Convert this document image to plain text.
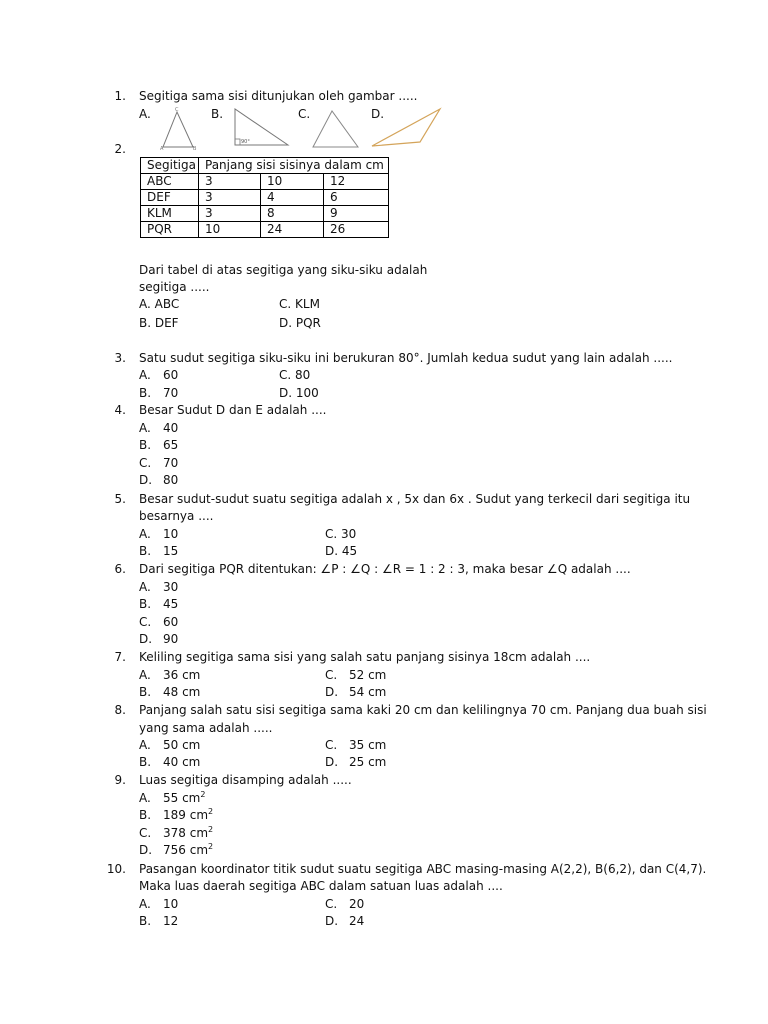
1. Segitiga sama sisi ditunjukan oleh gambar .....
A.	B.	C.	D.
C
A	B
90°
2.
Segitiga	Panjang sisi sisinya dalam cm		
ABC	3	10	12
DEF	3	4	6
KLM	3	8	9
PQR	10	24	26
Dari tabel di atas segitiga yang siku-siku adalah
segitiga .....
A. ABC	C. KLM
B. DEF	D. PQR
3. Satu sudut segitiga siku-siku ini berukuran 80°. Jumlah kedua sudut yang lain adalah .....
A. 60	C. 80
B. 70	D. 100
4. Besar Sudut D dan E adalah ....
A. 40
B. 65
C. 70
D. 80
5. Besar sudut-sudut suatu segitiga adalah x , 5x dan 6x . Sudut yang terkecil dari segitiga itu
besarnya ....
A. 10	C. 30
B. 15	D. 45
6. Dari segitiga PQR ditentukan: ∠P : ∠Q : ∠R = 1 : 2 : 3, maka besar ∠Q adalah ....
A. 30
B. 45
C. 60
D. 90
7. Keliling segitiga sama sisi yang salah satu panjang sisinya 18cm adalah ....
A. 36 cm	C. 52 cm
B. 48 cm	D. 54 cm
8. Panjang salah satu sisi segitiga sama kaki 20 cm dan kelilingnya 70 cm. Panjang dua buah sisi
yang sama adalah .....
A. 50 cm	C. 35 cm
B. 40 cm	D. 25 cm
9. Luas segitiga disamping adalah .....
A. 55 $cm^2$
B. 189 $cm^2$
C. 378 $cm^2$
D. 756 $cm^2$
10. Pasangan koordinator titik sudut suatu segitiga ABC masing-masing A(2,2), B(6,2), dan C(4,7).
Maka luas daerah segitiga ABC dalam satuan luas adalah ....
A. 10	C. 20
B. 12	D. 24
